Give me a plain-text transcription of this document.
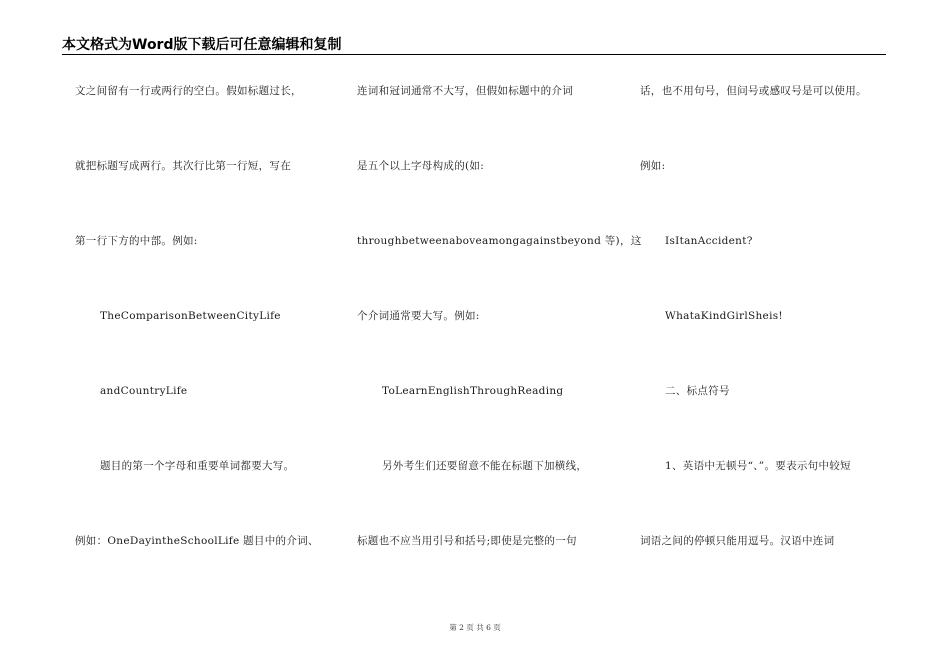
本文格式为Word版下载后可任意编辑和复制
文之间留有一行或两行的空白。假如标题过长，
就把标题写成两行。其次行比第一行短，写在
第一行下方的中部。例如:
TheComparisonBetweenCityLife
andCountryLife
题目的第一个字母和重要单词都要大写。
例如：OneDayintheSchoolLife 题目中的介词、
连词和冠词通常不大写，但假如标题中的介词
是五个以上字母构成的(如:
throughbetweenaboveamongagainstbeyond 等)，这
个介词通常要大写。例如:
ToLearnEnglishThroughReading
另外考生们还要留意不能在标题下加横线，
标题也不应当用引号和括号;即使是完整的一句
话，也不用句号，但问号或感叹号是可以使用。
例如:
IsItanAccident?
WhataKindGirlSheis!
二、标点符号
1、英语中无顿号“、”。要表示句中较短
词语之间的停顿只能用逗号。汉语中连词
第 2 页 共 6 页
